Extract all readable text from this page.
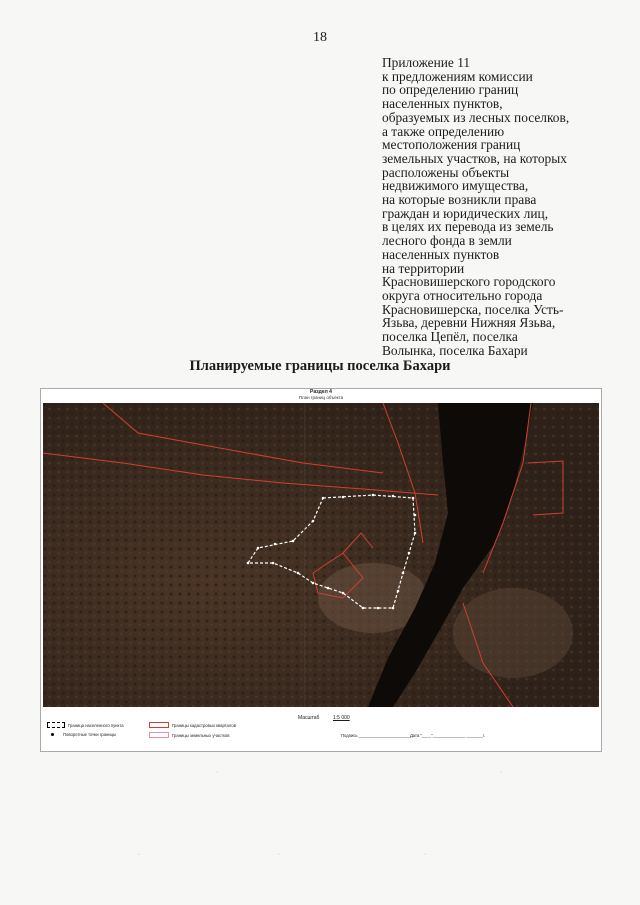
18
Приложение 11
к предложениям комиссии
по определению границ
населенных пунктов,
образуемых из лесных поселков,
а также определению
местоположения границ
земельных участков, на которых
расположены объекты
недвижимого имущества,
на которые возникли права
граждан и юридических лиц,
в целях их перевода из земель
лесного фонда в земли
населенных пунктов
на территории
Красновишерского городского
округа относительно города
Красновишерска, поселка Усть-
Язьва, деревни Нижняя Язьва,
поселка Цепёл, поселка
Волынка, поселка Бахари
Планируемые границы поселка Бахари
Раздел 4
План границ объекта
Масштаб	1:5 000
Граница населенного пункта
Поворотные точки границы
Границы кадастровых кварталов
Границы земельных участков	Подпись ______________________Дата "____"______________ _______г.
·	·
·	·	·
